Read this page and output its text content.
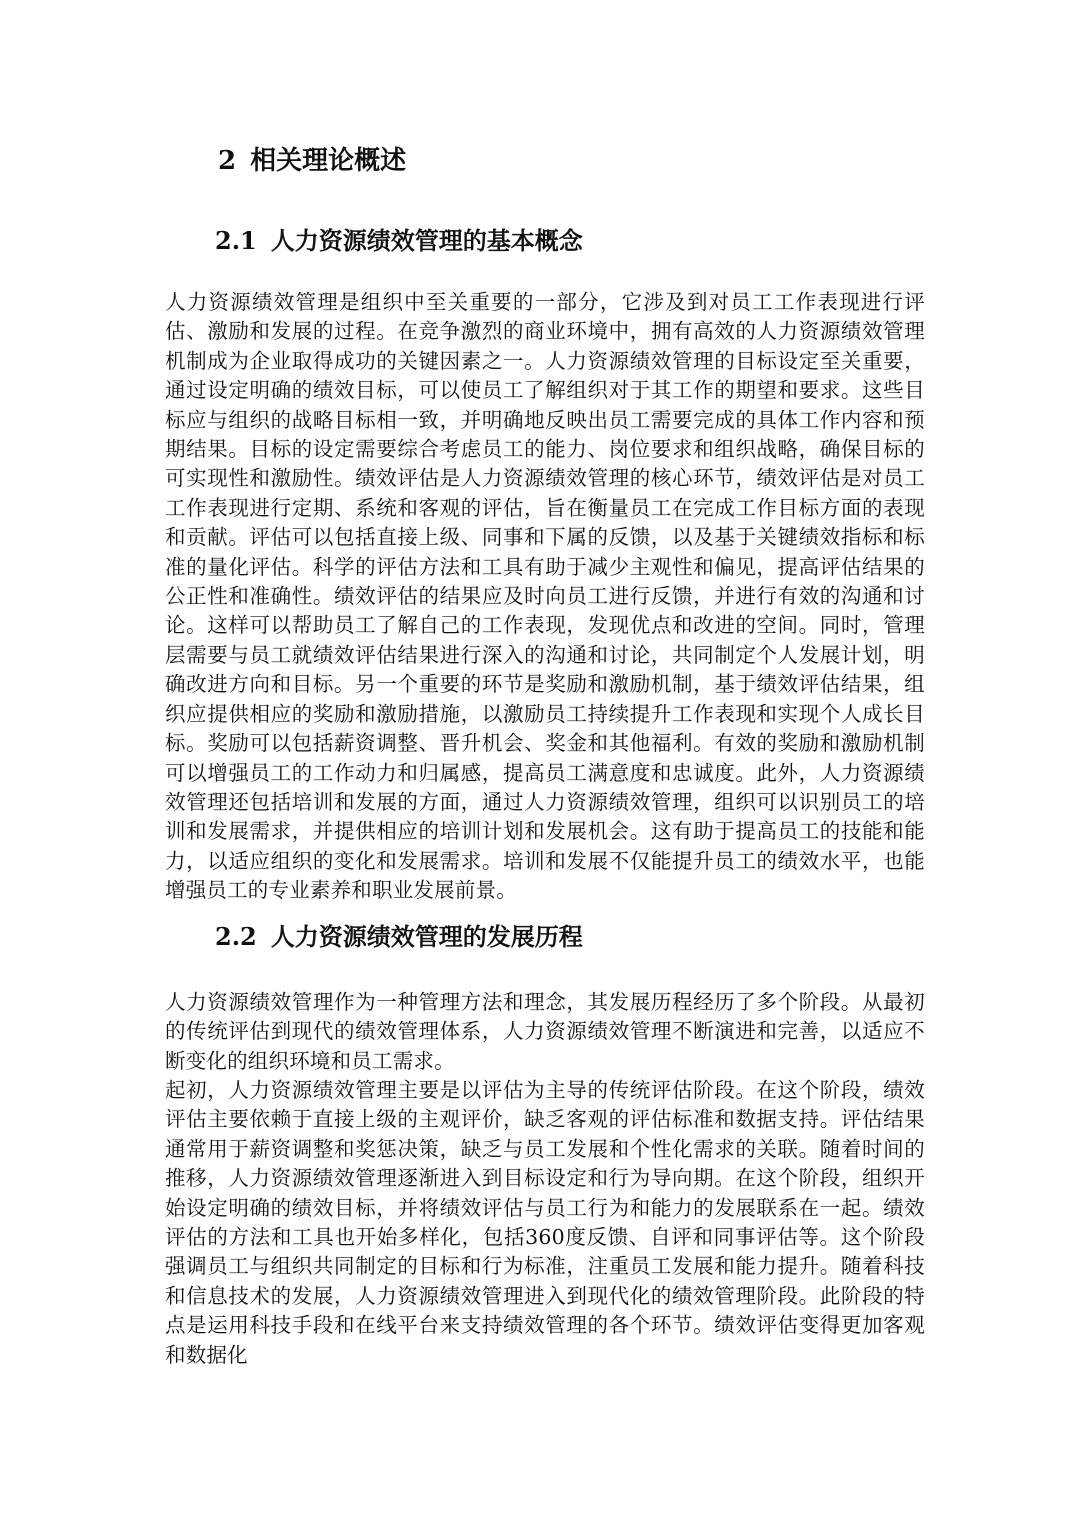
2 相关理论概述
2.1 人力资源绩效管理的基本概念

人力资源绩效管理是组织中至关重要的一部分，它涉及到对员工工作表现进行评估、激励和发展的过程。在竞争激烈的商业环境中，拥有高效的人力资源绩效管理机制成为企业取得成功的关键因素之一。人力资源绩效管理的目标设定至关重要，通过设定明确的绩效目标，可以使员工了解组织对于其工作的期望和要求。这些目标应与组织的战略目标相一致，并明确地反映出员工需要完成的具体工作内容和预期结果。目标的设定需要综合考虑员工的能力、岗位要求和组织战略，确保目标的可实现性和激励性。绩效评估是人力资源绩效管理的核心环节，绩效评估是对员工工作表现进行定期、系统和客观的评估，旨在衡量员工在完成工作目标方面的表现和贡献。评估可以包括直接上级、同事和下属的反馈，以及基于关键绩效指标和标准的量化评估。科学的评估方法和工具有助于减少主观性和偏见，提高评估结果的公正性和准确性。绩效评估的结果应及时向员工进行反馈，并进行有效的沟通和讨论。这样可以帮助员工了解自己的工作表现，发现优点和改进的空间。同时，管理层需要与员工就绩效评估结果进行深入的沟通和讨论，共同制定个人发展计划，明确改进方向和目标。另一个重要的环节是奖励和激励机制，基于绩效评估结果，组织应提供相应的奖励和激励措施，以激励员工持续提升工作表现和实现个人成长目标。奖励可以包括薪资调整、晋升机会、奖金和其他福利。有效的奖励和激励机制可以增强员工的工作动力和归属感，提高员工满意度和忠诚度。此外，人力资源绩效管理还包括培训和发展的方面，通过人力资源绩效管理，组织可以识别员工的培训和发展需求，并提供相应的培训计划和发展机会。这有助于提高员工的技能和能力，以适应组织的变化和发展需求。培训和发展不仅能提升员工的绩效水平，也能增强员工的专业素养和职业发展前景。

2.2 人力资源绩效管理的发展历程

人力资源绩效管理作为一种管理方法和理念，其发展历程经历了多个阶段。从最初的传统评估到现代的绩效管理体系，人力资源绩效管理不断演进和完善，以适应不断变化的组织环境和员工需求。

起初，人力资源绩效管理主要是以评估为主导的传统评估阶段。在这个阶段，绩效评估主要依赖于直接上级的主观评价，缺乏客观的评估标准和数据支持。评估结果通常用于薪资调整和奖惩决策，缺乏与员工发展和个性化需求的关联。随着时间的推移，人力资源绩效管理逐渐进入到目标设定和行为导向期。在这个阶段，组织开始设定明确的绩效目标，并将绩效评估与员工行为和能力的发展联系在一起。绩效评估的方法和工具也开始多样化，包括360度反馈、自评和同事评估等。这个阶段强调员工与组织共同制定的目标和行为标准，注重员工发展和能力提升。随着科技和信息技术的发展，人力资源绩效管理进入到现代化的绩效管理阶段。此阶段的特点是运用科技手段和在线平台来支持绩效管理的各个环节。绩效评估变得更加客观和数据化
